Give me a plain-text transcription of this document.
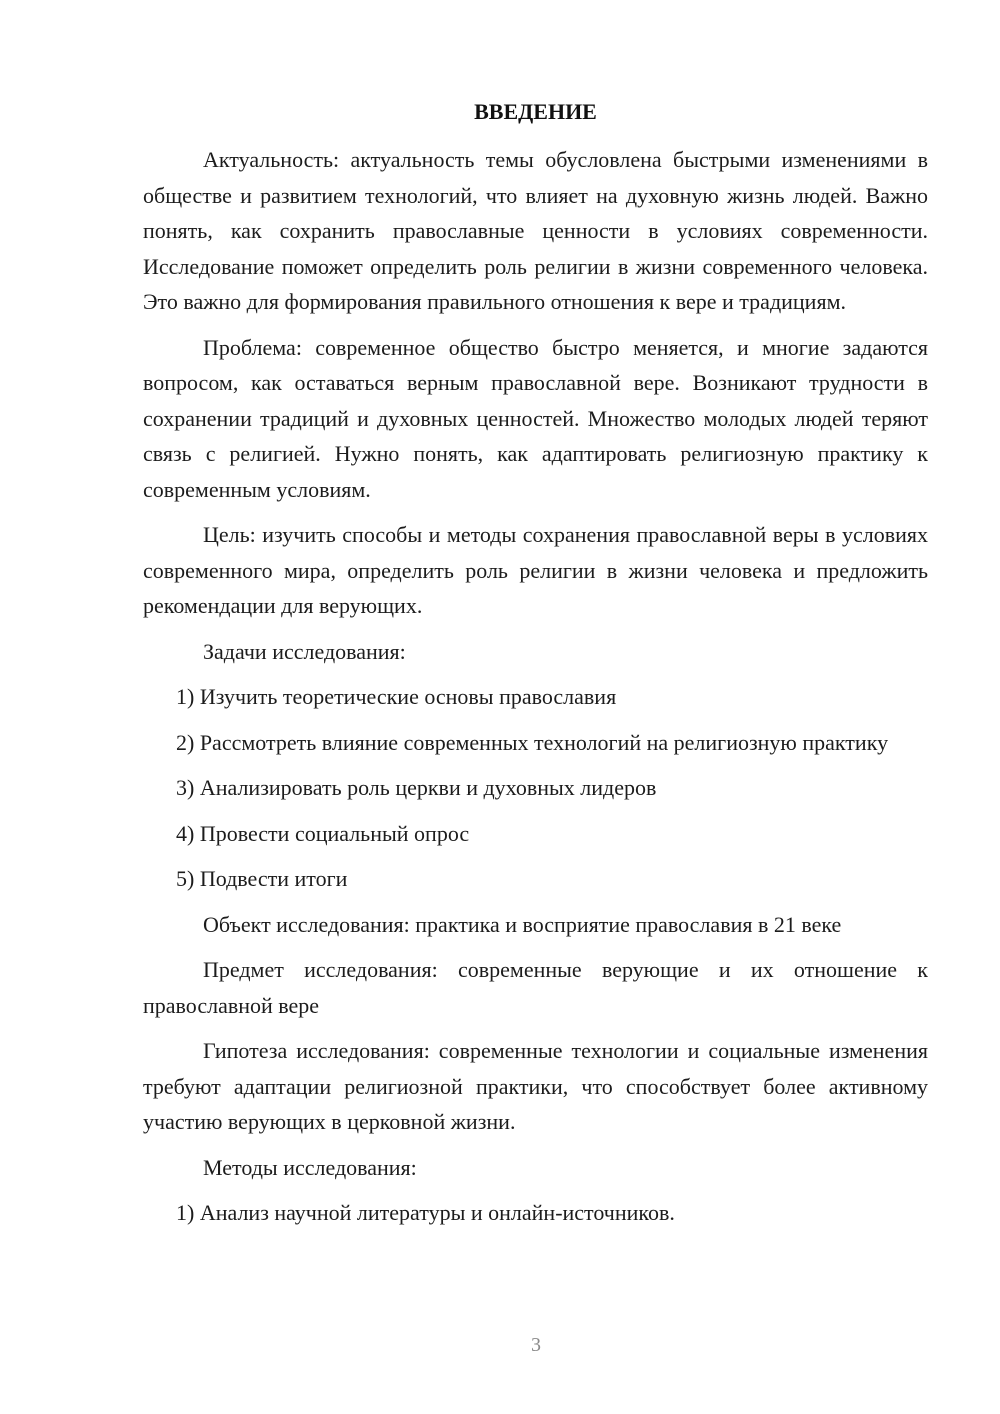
ВВЕДЕНИЕ

Актуальность: актуальность темы обусловлена быстрыми изменениями в обществе и развитием технологий, что влияет на духовную жизнь людей. Важно понять, как сохранить православные ценности в условиях современности. Исследование поможет определить роль религии в жизни современного человека. Это важно для формирования правильного отношения к вере и традициям.

Проблема: современное общество быстро меняется, и многие задаются вопросом, как оставаться верным православной вере. Возникают трудности в сохранении традиций и духовных ценностей. Множество молодых людей теряют связь с религией. Нужно понять, как адаптировать религиозную практику к современным условиям.

Цель: изучить способы и методы сохранения православной веры в условиях современного мира, определить роль религии в жизни человека и предложить рекомендации для верующих.

Задачи исследования:

1) Изучить теоретические основы православия

2) Рассмотреть влияние современных технологий на религиозную практику

3) Анализировать роль церкви и духовных лидеров

4) Провести социальный опрос

5) Подвести итоги

Объект исследования: практика и восприятие православия в 21 веке

Предмет исследования: современные верующие и их отношение к православной вере

Гипотеза исследования: современные технологии и социальные изменения требуют адаптации религиозной практики, что способствует более активному участию верующих в церковной жизни.

Методы исследования:

1) Анализ научной литературы и онлайн-источников.

3
